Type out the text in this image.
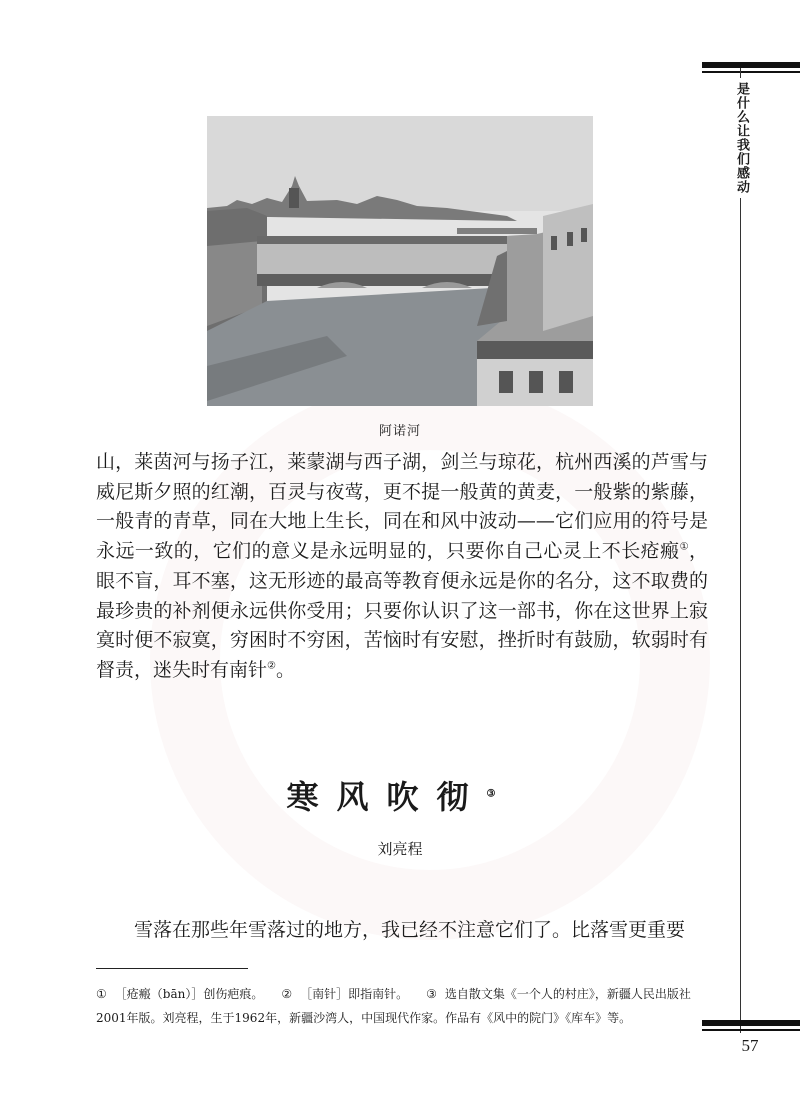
是什么让我们感动
阿诺河

山，莱茵河与扬子江，莱蒙湖与西子湖，剑兰与琼花，杭州西溪的芦雪与威尼斯夕照的红潮，百灵与夜莺，更不提一般黄的黄麦，一般紫的紫藤，一般青的青草，同在大地上生长，同在和风中波动——它们应用的符号是永远一致的，它们的意义是永远明显的，只要你自己心灵上不长疮瘢①，眼不盲，耳不塞，这无形迹的最高等教育便永远是你的名分，这不取费的最珍贵的补剂便永远供你受用；只要你认识了这一部书，你在这世界上寂寞时便不寂寞，穷困时不穷困，苦恼时有安慰，挫折时有鼓励，软弱时有督责，迷失时有南针②。

寒风吹彻③
刘亮程

雪落在那些年雪落过的地方，我已经不注意它们了。比落雪更重要

① ［疮瘢（bān）］创伤疤痕。 ② ［南针］即指南针。 ③ 选自散文集《一个人的村庄》，新疆人民出版社2001年版。刘亮程，生于1962年，新疆沙湾人，中国现代作家。作品有《风中的院门》《库车》等。
57
